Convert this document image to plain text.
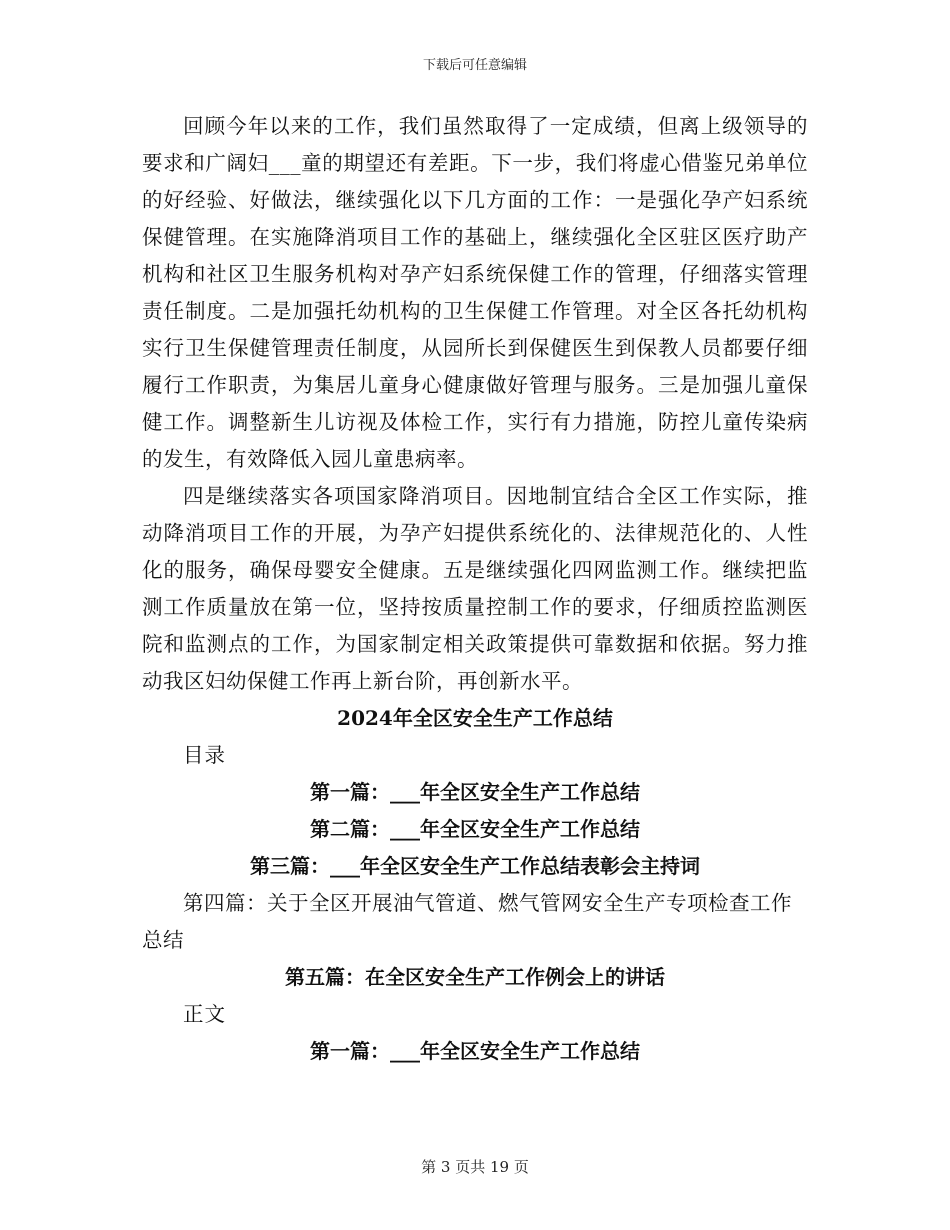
下载后可任意编辑

回顾今年以来的工作，我们虽然取得了一定成绩，但离上级领导的要求和广阔妇___童的期望还有差距。下一步，我们将虚心借鉴兄弟单位的好经验、好做法，继续强化以下几方面的工作：一是强化孕产妇系统保健管理。在实施降消项目工作的基础上，继续强化全区驻区医疗助产机构和社区卫生服务机构对孕产妇系统保健工作的管理，仔细落实管理责任制度。二是加强托幼机构的卫生保健工作管理。对全区各托幼机构实行卫生保健管理责任制度，从园所长到保健医生到保教人员都要仔细履行工作职责，为集居儿童身心健康做好管理与服务。三是加强儿童保健工作。调整新生儿访视及体检工作，实行有力措施，防控儿童传染病的发生，有效降低入园儿童患病率。

四是继续落实各项国家降消项目。因地制宜结合全区工作实际，推动降消项目工作的开展，为孕产妇提供系统化的、法律规范化的、人性化的服务，确保母婴安全健康。五是继续强化四网监测工作。继续把监测工作质量放在第一位，坚持按质量控制工作的要求，仔细质控监测医院和监测点的工作，为国家制定相关政策提供可靠数据和依据。努力推动我区妇幼保健工作再上新台阶，再创新水平。

2024年全区安全生产工作总结

目录

第一篇：___年全区安全生产工作总结

第二篇：___年全区安全生产工作总结

第三篇：___年全区安全生产工作总结表彰会主持词

第四篇：关于全区开展油气管道、燃气管网安全生产专项检查工作总结

第五篇：在全区安全生产工作例会上的讲话

正文

第一篇：___年全区安全生产工作总结

第 3 页共 19 页
